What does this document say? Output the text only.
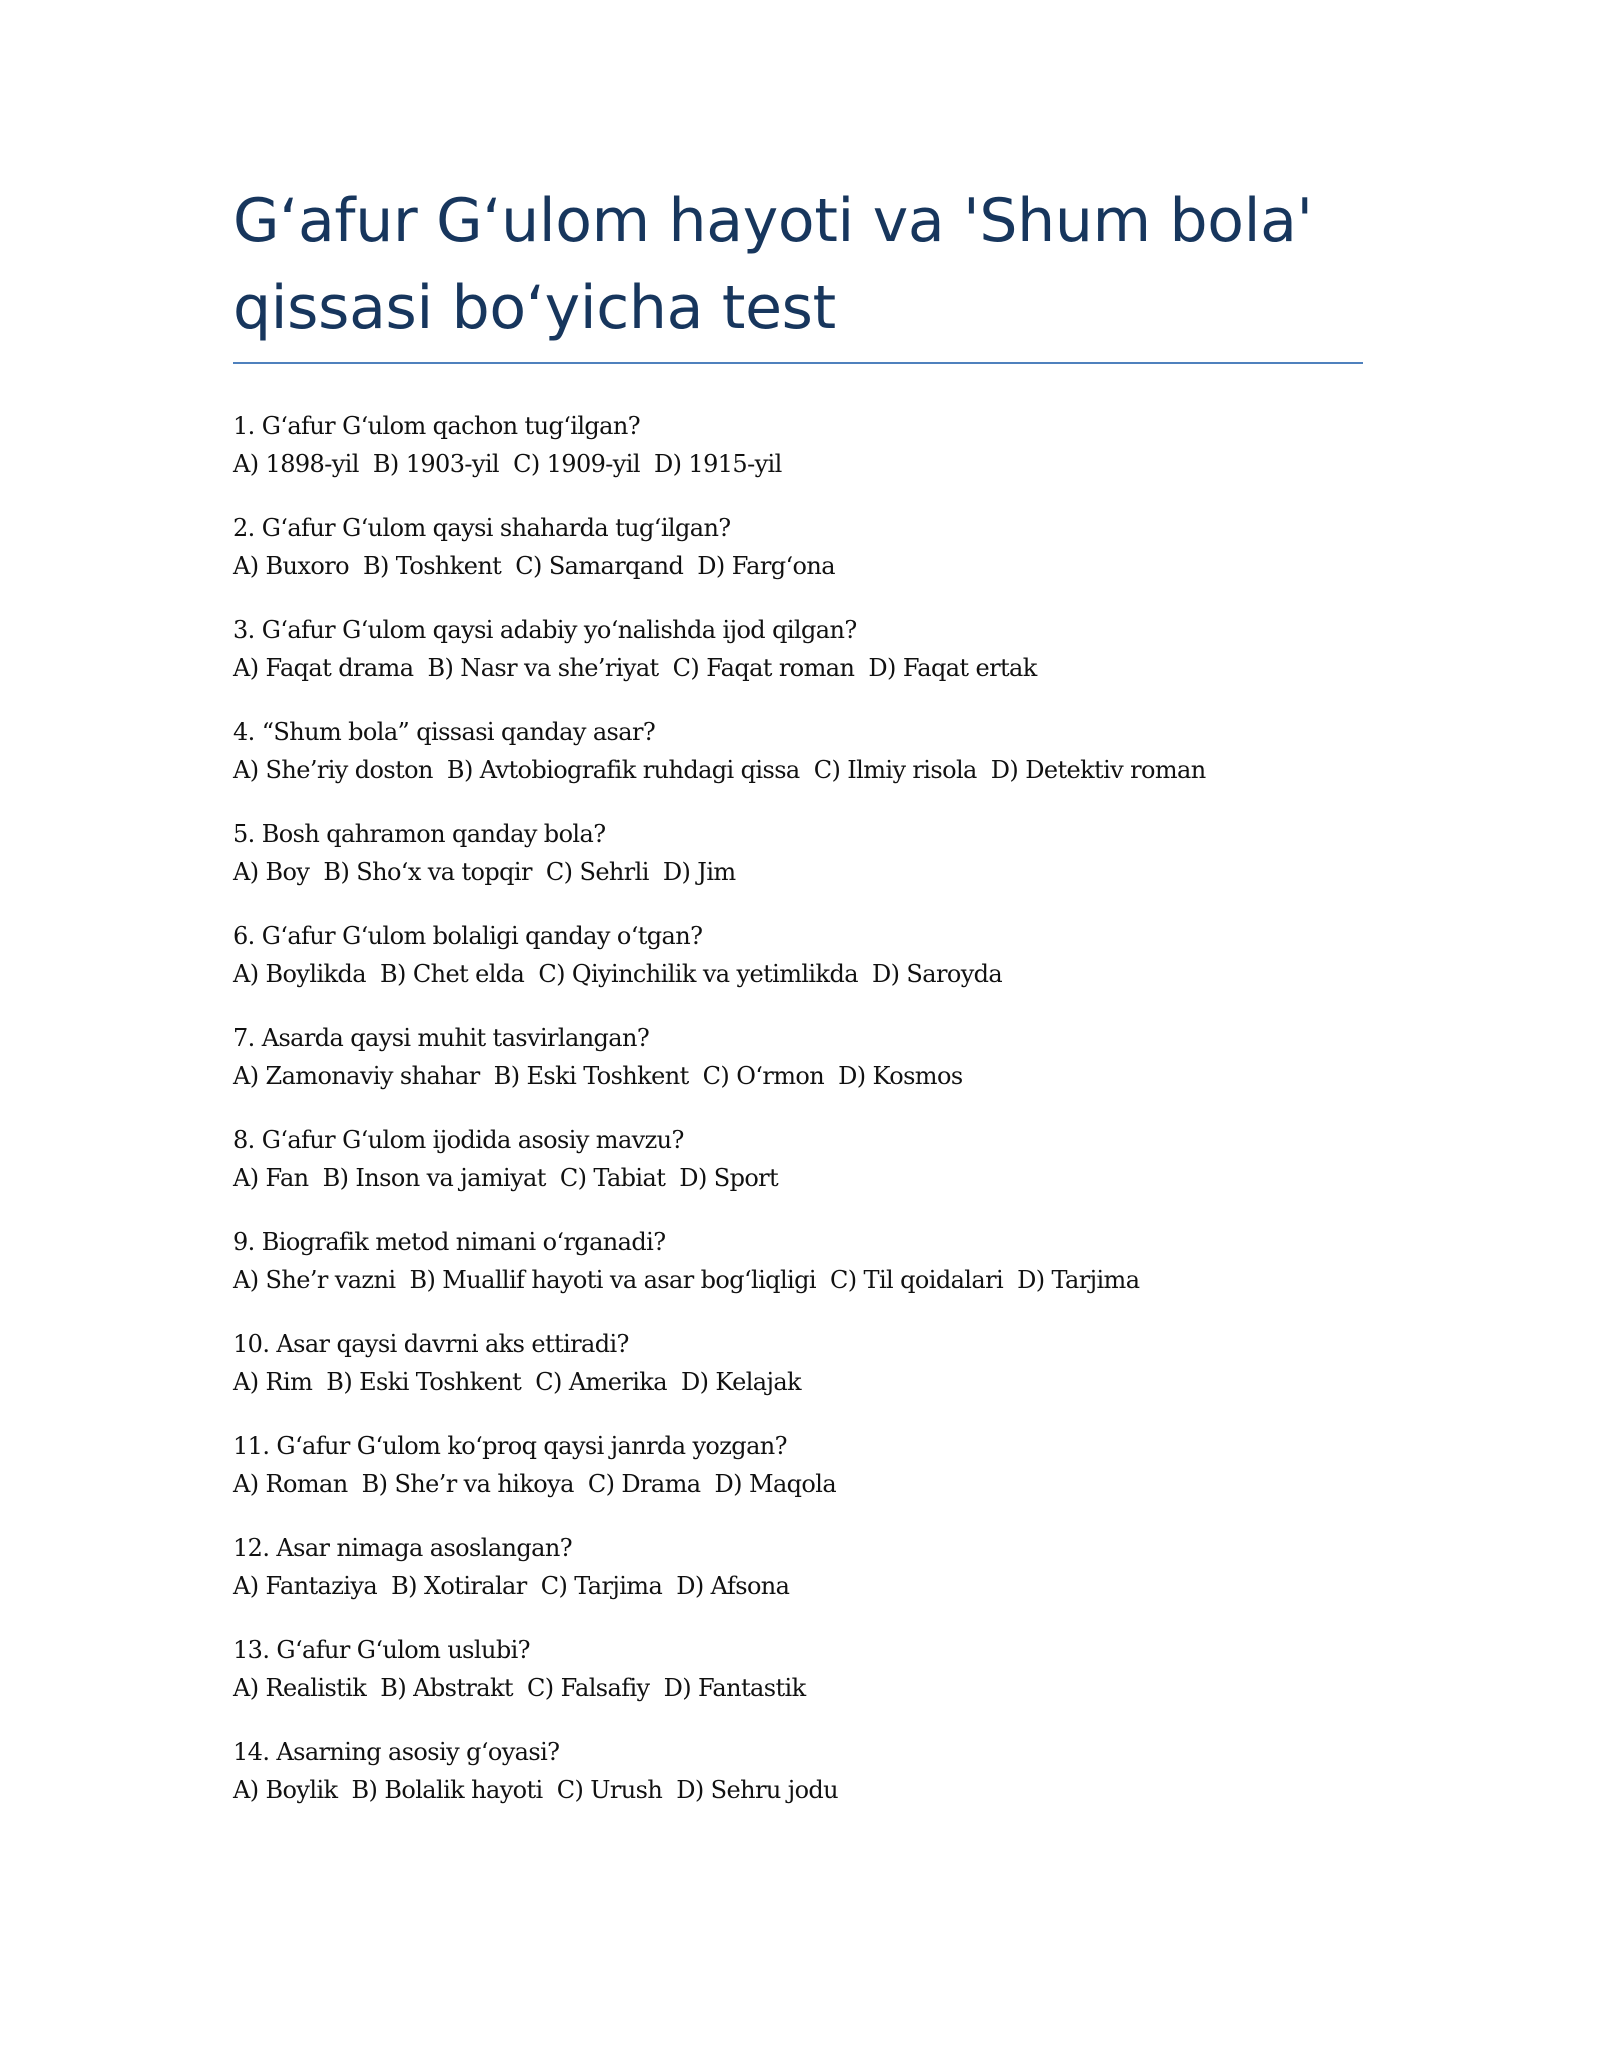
G‘afur G‘ulom hayoti va 'Shum bola'
qissasi bo‘yicha test
1. G‘afur G‘ulom qachon tug‘ilgan?
A) 1898-yil  B) 1903-yil  C) 1909-yil  D) 1915-yil
2. G‘afur G‘ulom qaysi shaharda tug‘ilgan?
A) Buxoro  B) Toshkent  C) Samarqand  D) Farg‘ona
3. G‘afur G‘ulom qaysi adabiy yo‘nalishda ijod qilgan?
A) Faqat drama  B) Nasr va she’riyat  C) Faqat roman  D) Faqat ertak
4. “Shum bola” qissasi qanday asar?
A) She’riy doston  B) Avtobiografik ruhdagi qissa  C) Ilmiy risola  D) Detektiv roman
5. Bosh qahramon qanday bola?
A) Boy  B) Sho‘x va topqir  C) Sehrli  D) Jim
6. G‘afur G‘ulom bolaligi qanday o‘tgan?
A) Boylikda  B) Chet elda  C) Qiyinchilik va yetimlikda  D) Saroyda
7. Asarda qaysi muhit tasvirlangan?
A) Zamonaviy shahar  B) Eski Toshkent  C) O‘rmon  D) Kosmos
8. G‘afur G‘ulom ijodida asosiy mavzu?
A) Fan  B) Inson va jamiyat  C) Tabiat  D) Sport
9. Biografik metod nimani o‘rganadi?
A) She’r vazni  B) Muallif hayoti va asar bog‘liqligi  C) Til qoidalari  D) Tarjima
10. Asar qaysi davrni aks ettiradi?
A) Rim  B) Eski Toshkent  C) Amerika  D) Kelajak
11. G‘afur G‘ulom ko‘proq qaysi janrda yozgan?
A) Roman  B) She’r va hikoya  C) Drama  D) Maqola
12. Asar nimaga asoslangan?
A) Fantaziya  B) Xotiralar  C) Tarjima  D) Afsona
13. G‘afur G‘ulom uslubi?
A) Realistik  B) Abstrakt  C) Falsafiy  D) Fantastik
14. Asarning asosiy g‘oyasi?
A) Boylik  B) Bolalik hayoti  C) Urush  D) Sehru jodu
